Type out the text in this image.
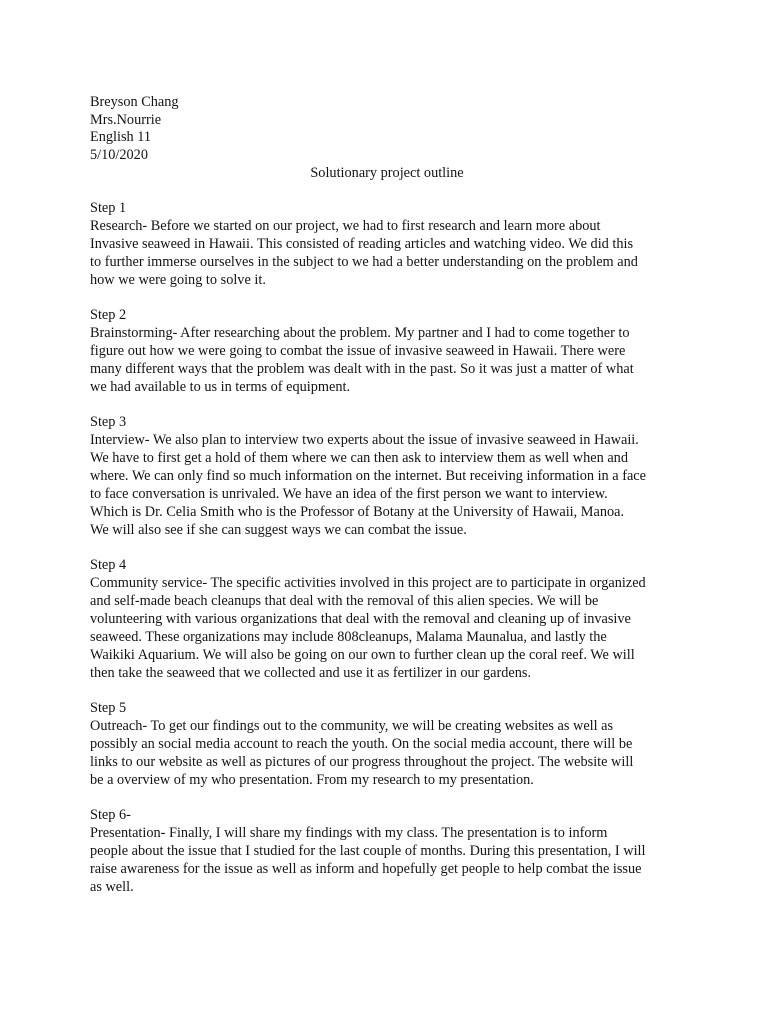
Breyson Chang
Mrs.Nourrie
English 11
5/10/2020
Solutionary project outline
Step 1
Research- Before we started on our project, we had to first research and learn more about
Invasive seaweed in Hawaii. This consisted of reading articles and watching video. We did this
to further immerse ourselves in the subject to we had a better understanding on the problem and
how we were going to solve it.
Step 2
Brainstorming- After researching about the problem. My partner and I had to come together to
figure out how we were going to combat the issue of invasive seaweed in Hawaii. There were
many different ways that the problem was dealt with in the past. So it was just a matter of what
we had available to us in terms of equipment.
Step 3
Interview- We also plan to interview two experts about the issue of invasive seaweed in Hawaii.
We have to first get a hold of them where we can then ask to interview them as well when and
where. We can only find so much information on the internet. But receiving information in a face
to face conversation is unrivaled. We have an idea of the first person we want to interview.
Which is Dr. Celia Smith who is the Professor of Botany at the University of Hawaii, Manoa.
We will also see if she can suggest ways we can combat the issue.
Step 4
Community service- The specific activities involved in this project are to participate in organized
and self-made beach cleanups that deal with the removal of this alien species. We will be
volunteering with various organizations that deal with the removal and cleaning up of invasive
seaweed. These organizations may include 808cleanups, Malama Maunalua, and lastly the
Waikiki Aquarium. We will also be going on our own to further clean up the coral reef. We will
then take the seaweed that we collected and use it as fertilizer in our gardens.
Step 5
Outreach- To get our findings out to the community, we will be creating websites as well as
possibly an social media account to reach the youth. On the social media account, there will be
links to our website as well as pictures of our progress throughout the project. The website will
be a overview of my who presentation. From my research to my presentation.
Step 6-
Presentation- Finally, I will share my findings with my class. The presentation is to inform
people about the issue that I studied for the last couple of months. During this presentation, I will
raise awareness for the issue as well as inform and hopefully get people to help combat the issue
as well.
